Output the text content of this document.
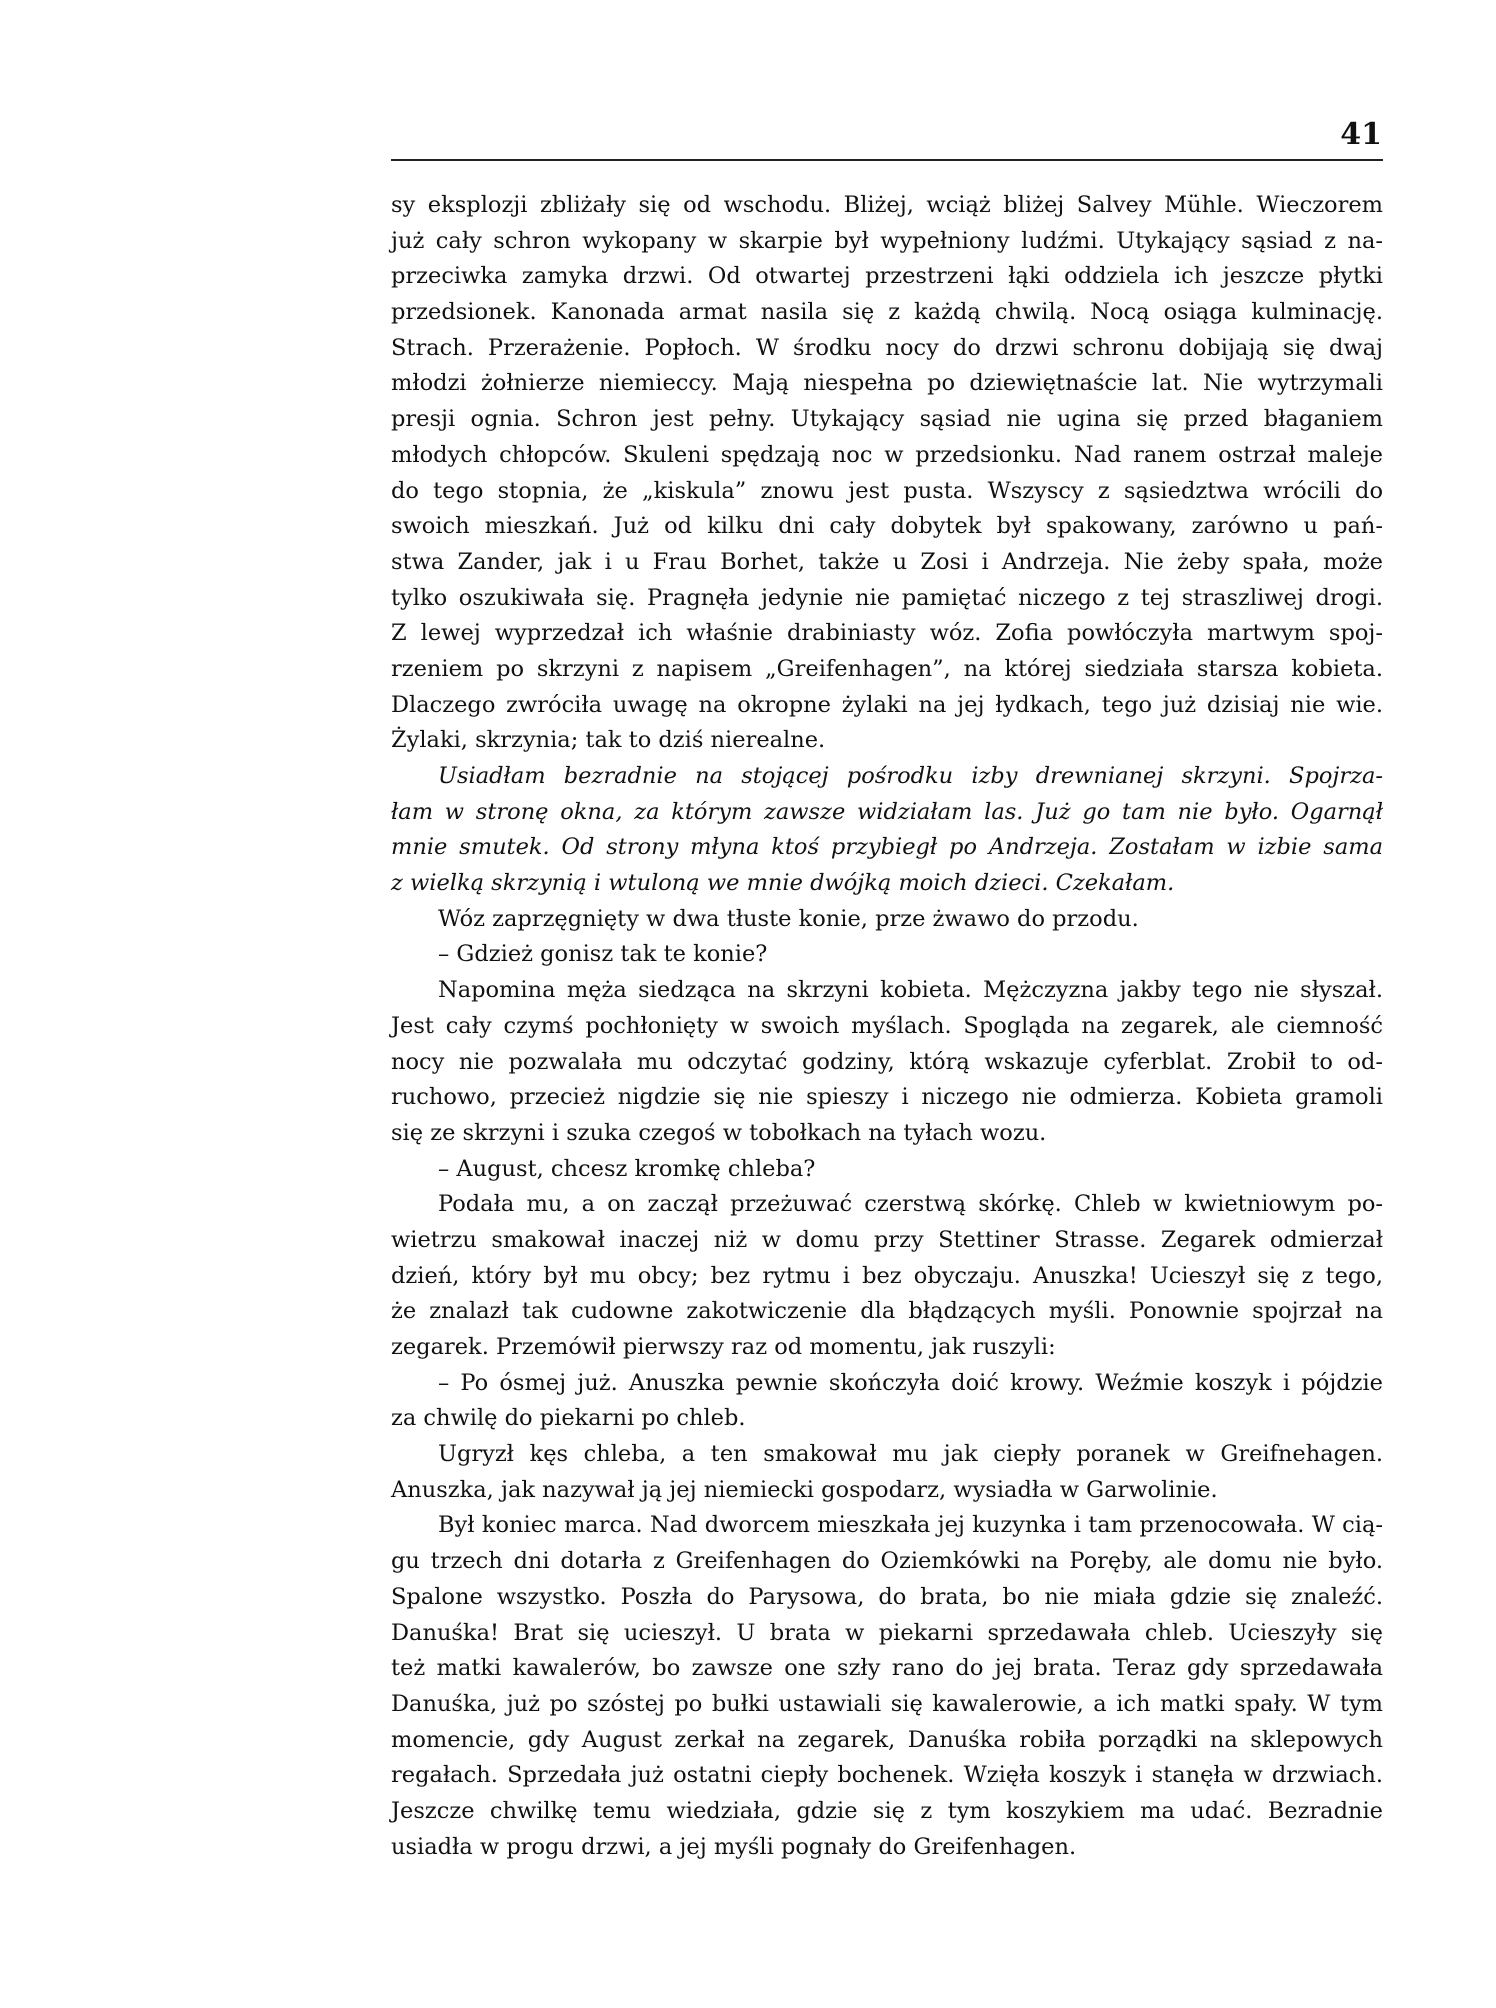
41
sy eksplozji zbliżały się od wschodu. Bliżej, wciąż bliżej Salvey Mühle. Wieczorem
już cały schron wykopany w skarpie był wypełniony ludźmi. Utykający sąsiad z na-
przeciwka zamyka drzwi. Od otwartej przestrzeni łąki oddziela ich jeszcze płytki
przedsionek. Kanonada armat nasila się z każdą chwilą. Nocą osiąga kulminację.
Strach. Przerażenie. Popłoch. W środku nocy do drzwi schronu dobijają się dwaj
młodzi żołnierze niemieccy. Mają niespełna po dziewiętnaście lat. Nie wytrzymali
presji ognia. Schron jest pełny. Utykający sąsiad nie ugina się przed błaganiem
młodych chłopców. Skuleni spędzają noc w przedsionku. Nad ranem ostrzał maleje
do tego stopnia, że „kiskula” znowu jest pusta. Wszyscy z sąsiedztwa wrócili do
swoich mieszkań. Już od kilku dni cały dobytek był spakowany, zarówno u pań-
stwa Zander, jak i u Frau Borhet, także u Zosi i Andrzeja. Nie żeby spała, może
tylko oszukiwała się. Pragnęła jedynie nie pamiętać niczego z tej straszliwej drogi.
Z lewej wyprzedzał ich właśnie drabiniasty wóz. Zofia powłóczyła martwym spoj-
rzeniem po skrzyni z napisem „Greifenhagen”, na której siedziała starsza kobieta.
Dlaczego zwróciła uwagę na okropne żylaki na jej łydkach, tego już dzisiaj nie wie.
Żylaki, skrzynia; tak to dziś nierealne.
Usiadłam bezradnie na stojącej pośrodku izby drewnianej skrzyni. Spojrza-
łam w stronę okna, za którym zawsze widziałam las. Już go tam nie było. Ogarnął
mnie smutek. Od strony młyna ktoś przybiegł po Andrzeja. Zostałam w izbie sama
z wielką skrzynią i wtuloną we mnie dwójką moich dzieci. Czekałam.
Wóz zaprzęgnięty w dwa tłuste konie, prze żwawo do przodu.
– Gdzież gonisz tak te konie?
Napomina męża siedząca na skrzyni kobieta. Mężczyzna jakby tego nie słyszał.
Jest cały czymś pochłonięty w swoich myślach. Spogląda na zegarek, ale ciemność
nocy nie pozwalała mu odczytać godziny, którą wskazuje cyferblat. Zrobił to od-
ruchowo, przecież nigdzie się nie spieszy i niczego nie odmierza. Kobieta gramoli
się ze skrzyni i szuka czegoś w tobołkach na tyłach wozu.
– August, chcesz kromkę chleba?
Podała mu, a on zaczął przeżuwać czerstwą skórkę. Chleb w kwietniowym po-
wietrzu smakował inaczej niż w domu przy Stettiner Strasse. Zegarek odmierzał
dzień, który był mu obcy; bez rytmu i bez obyczaju. Anuszka! Ucieszył się z tego,
że znalazł tak cudowne zakotwiczenie dla błądzących myśli. Ponownie spojrzał na
zegarek. Przemówił pierwszy raz od momentu, jak ruszyli:
– Po ósmej już. Anuszka pewnie skończyła doić krowy. Weźmie koszyk i pójdzie
za chwilę do piekarni po chleb.
Ugryzł kęs chleba, a ten smakował mu jak ciepły poranek w Greifnehagen.
Anuszka, jak nazywał ją jej niemiecki gospodarz, wysiadła w Garwolinie.
Był koniec marca. Nad dworcem mieszkała jej kuzynka i tam przenocowała. W cią-
gu trzech dni dotarła z Greifenhagen do Oziemkówki na Poręby, ale domu nie było.
Spalone wszystko. Poszła do Parysowa, do brata, bo nie miała gdzie się znaleźć.
Danuśka! Brat się ucieszył. U brata w piekarni sprzedawała chleb. Ucieszyły się
też matki kawalerów, bo zawsze one szły rano do jej brata. Teraz gdy sprzedawała
Danuśka, już po szóstej po bułki ustawiali się kawalerowie, a ich matki spały. W tym
momencie, gdy August zerkał na zegarek, Danuśka robiła porządki na sklepowych
regałach. Sprzedała już ostatni ciepły bochenek. Wzięła koszyk i stanęła w drzwiach.
Jeszcze chwilkę temu wiedziała, gdzie się z tym koszykiem ma udać. Bezradnie
usiadła w progu drzwi, a jej myśli pognały do Greifenhagen.
